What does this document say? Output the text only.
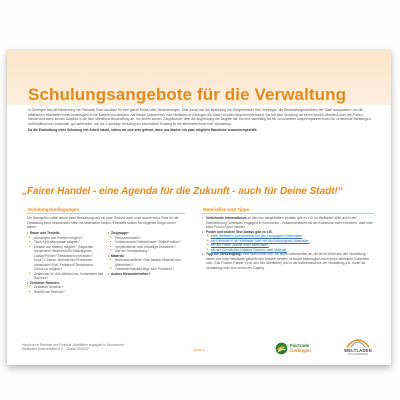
Schulungsangebote für die Verwaltung

In Gerlingen war die Bewerbung zur Fairtrade-Town Auslöser für eine ganze Reihe toller Veränderungen. Eine davon war die Bestellung von Bürgermeister Dirk Oestringer, die Beschaffungsrichtlinien der Stadt anzupassen. Um die städtischen Mitarbeiter*innen bestmöglich in die Materie einzuweisen, hat Marion Dobernhoch vom Weltladen in Gerlingen die Stadt mit tollen Angebot unterstützt. Sie bot eine Schulung mit einem kurzen Überblick über den Fairen Handel und einen kleinen Ausblick in die faire öffentliche Beschaffung an. Vor einem kurzen „Siegelkunde“ über die Abgrenzung der Begriffe fair, bio und nachhaltig bis hin zu konkreten Ansprechpartner*innen für vertiefende Beratungen. Unterhaltsam und praxisnah, gut aufbereitet, war die 2-stündige Schulung ein informativer Einstieg für die Mitarbeiter*innen der Verwaltung.

Da die Erarbeitung einer Schulung viel Arbeit macht, haben wir uns sehr gefreut, dass uns Marion ein paar mögliche Bausteine zusammengestellt:

„Fairer Handel - eine Agenda für die Zukunft - auch für Deine Stadt!“
Schulungsbedingungen
Die Baungröße sollte neben einer Bestuhlung und ein paar Tischen auch noch ausreichend Platz für die Gestaltung einer einladenden Mitte mit Materialien lassen. Ebenfalls sollten Sie folgende Dinge vorher klären:
• Raum und Technik:
■ Aufhängen von Postern möglich?
■ Tisch für Kaffeepause möglich?
■ Einsatz von Medien möglich? (Tageshart vorhanden? Beamer/USB-Stick/eigener Laptop/Printer? Steckdosen vorhanden? Dose?) Gibt es, technischen Problemen vorhanden? Evtl. Probelauf! Technischer Check-up möglich?
■ Zeitfenster für Auf-/Abbau bzw. Vorbereiten des Raumes?
• Zeitlicher Rahmen:
■ Zeitdauer Seminar?
■ Start/Ende Seminar?
• Zielgruppe:
■ Personenanzahl?
■ Vorkenntnisse? Bedürfnisse? Rolle/Position?
■ Verpflichtende oder freiwillige Teilnahme?
■ Ziel der Veranstaltung?
• Material:
■ Warenmusterkiste, Give Aways/ Material zum Mitnehmen?
■ Getränke/Snacks/Dinge zum Probieren?
• Andere Besonderheiten?
Materialien und Tipps
• Vertiefende Informationen zu den hier dargestellten Inhalten gibt es z.B. im Weltladen-Wiki und in der Handreichung „Weltläden engagiert in Kommunen - Zusammenarbeit mit der Kommune mehr erreichen“ oder oder beim Forum Fairer Handel.
• Poster und andere Give Aways gibt es z.B.
■ beim Weltladen-Dachverband bei den Kampagnen-Materialien
■ bei Fairtrade in der Weltladen oder bei den Kampagnen-Materialien
■ bei der Fairen Woche unter Materialien,
■ bei der ChristlIchen Initiative Romero unter Material.
• Tipp zur Verköstigung: Eine Wahl bietet sich vor allem Lebensmittel an, die leicht direkt aus den Verwaltung dieser aus einer Weltladen gekauft oder bestellt werden. Versucht bestmöglich auch einen Weltladen-Gutschein oder „Fair-Probier-Pakete“ (evtl. aus Ihre Weltladen) und in die Kaffeemaschine der Verwaltung z.B. findet die Verwaltung oder sind schon ein Zugang.
Handout im Rahmen des Projekts „Weltläden engagiert in Kommunen“
Weltladen-Dachverband e.V. | Stand: 09/2022	– Seite 1 –
Fairtrade
Gerlingen	WELTLÄDEN
DACHVERBAND
